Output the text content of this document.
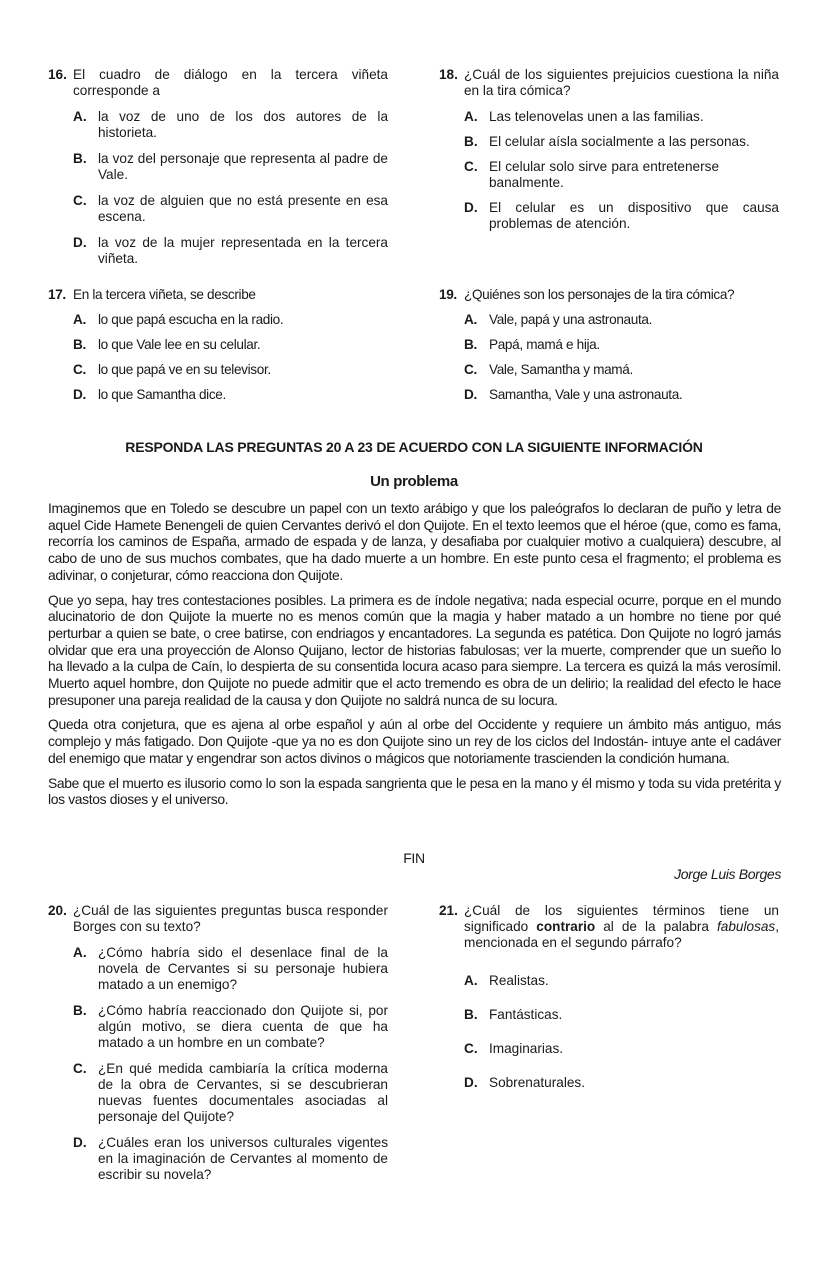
16. El cuadro de diálogo en la tercera viñeta corresponde a
A. la voz de uno de los dos autores de la historieta.
B. la voz del personaje que representa al padre de Vale.
C. la voz de alguien que no está presente en esa escena.
D. la voz de la mujer representada en la tercera viñeta.
18. ¿Cuál de los siguientes prejuicios cuestiona la niña en la tira cómica?
A. Las telenovelas unen a las familias.
B. El celular aísla socialmente a las personas.
C. El celular solo sirve para entretenerse banalmente.
D. El celular es un dispositivo que causa problemas de atención.
17. En la tercera viñeta, se describe
A. lo que papá escucha en la radio.
B. lo que Vale lee en su celular.
C. lo que papá ve en su televisor.
D. lo que Samantha dice.
19. ¿Quiénes son los personajes de la tira cómica?
A. Vale, papá y una astronauta.
B. Papá, mamá e hija.
C. Vale, Samantha y mamá.
D. Samantha, Vale y una astronauta.
RESPONDA LAS PREGUNTAS 20 A 23 DE ACUERDO CON LA SIGUIENTE INFORMACIÓN
Un problema

Imaginemos que en Toledo se descubre un papel con un texto arábigo y que los paleógrafos lo declaran de puño y letra de aquel Cide Hamete Benengeli de quien Cervantes derivó el don Quijote. En el texto leemos que el héroe (que, como es fama, recorría los caminos de España, armado de espada y de lanza, y desafiaba por cualquier motivo a cualquiera) descubre, al cabo de uno de sus muchos combates, que ha dado muerte a un hombre. En este punto cesa el fragmento; el problema es adivinar, o conjeturar, cómo reacciona don Quijote.

Que yo sepa, hay tres contestaciones posibles. La primera es de índole negativa; nada especial ocurre, porque en el mundo alucinatorio de don Quijote la muerte no es menos común que la magia y haber matado a un hombre no tiene por qué perturbar a quien se bate, o cree batirse, con endriagos y encantadores. La segunda es patética. Don Quijote no logró jamás olvidar que era una proyección de Alonso Quijano, lector de historias fabulosas; ver la muerte, comprender que un sueño lo ha llevado a la culpa de Caín, lo despierta de su consentida locura acaso para siempre. La tercera es quizá la más verosímil. Muerto aquel hombre, don Quijote no puede admitir que el acto tremendo es obra de un delirio; la realidad del efecto le hace presuponer una pareja realidad de la causa y don Quijote no saldrá nunca de su locura.

Queda otra conjetura, que es ajena al orbe español y aún al orbe del Occidente y requiere un ámbito más antiguo, más complejo y más fatigado. Don Quijote -que ya no es don Quijote sino un rey de los ciclos del Indostán- intuye ante el cadáver del enemigo que matar y engendrar son actos divinos o mágicos que notoriamente trascienden la condición humana.

Sabe que el muerto es ilusorio como lo son la espada sangrienta que le pesa en la mano y él mismo y toda su vida pretérita y los vastos dioses y el universo.

FIN
Jorge Luis Borges
20. ¿Cuál de las siguientes preguntas busca responder Borges con su texto?
A. ¿Cómo habría sido el desenlace final de la novela de Cervantes si su personaje hubiera matado a un enemigo?
B. ¿Cómo habría reaccionado don Quijote si, por algún motivo, se diera cuenta de que ha matado a un hombre en un combate?
C. ¿En qué medida cambiaría la crítica moderna de la obra de Cervantes, si se descubrieran nuevas fuentes documentales asociadas al personaje del Quijote?
D. ¿Cuáles eran los universos culturales vigentes en la imaginación de Cervantes al momento de escribir su novela?
21. ¿Cuál de los siguientes términos tiene un significado contrario al de la palabra fabulosas, mencionada en el segundo párrafo?
A. Realistas.
B. Fantásticas.
C. Imaginarias.
D. Sobrenaturales.
